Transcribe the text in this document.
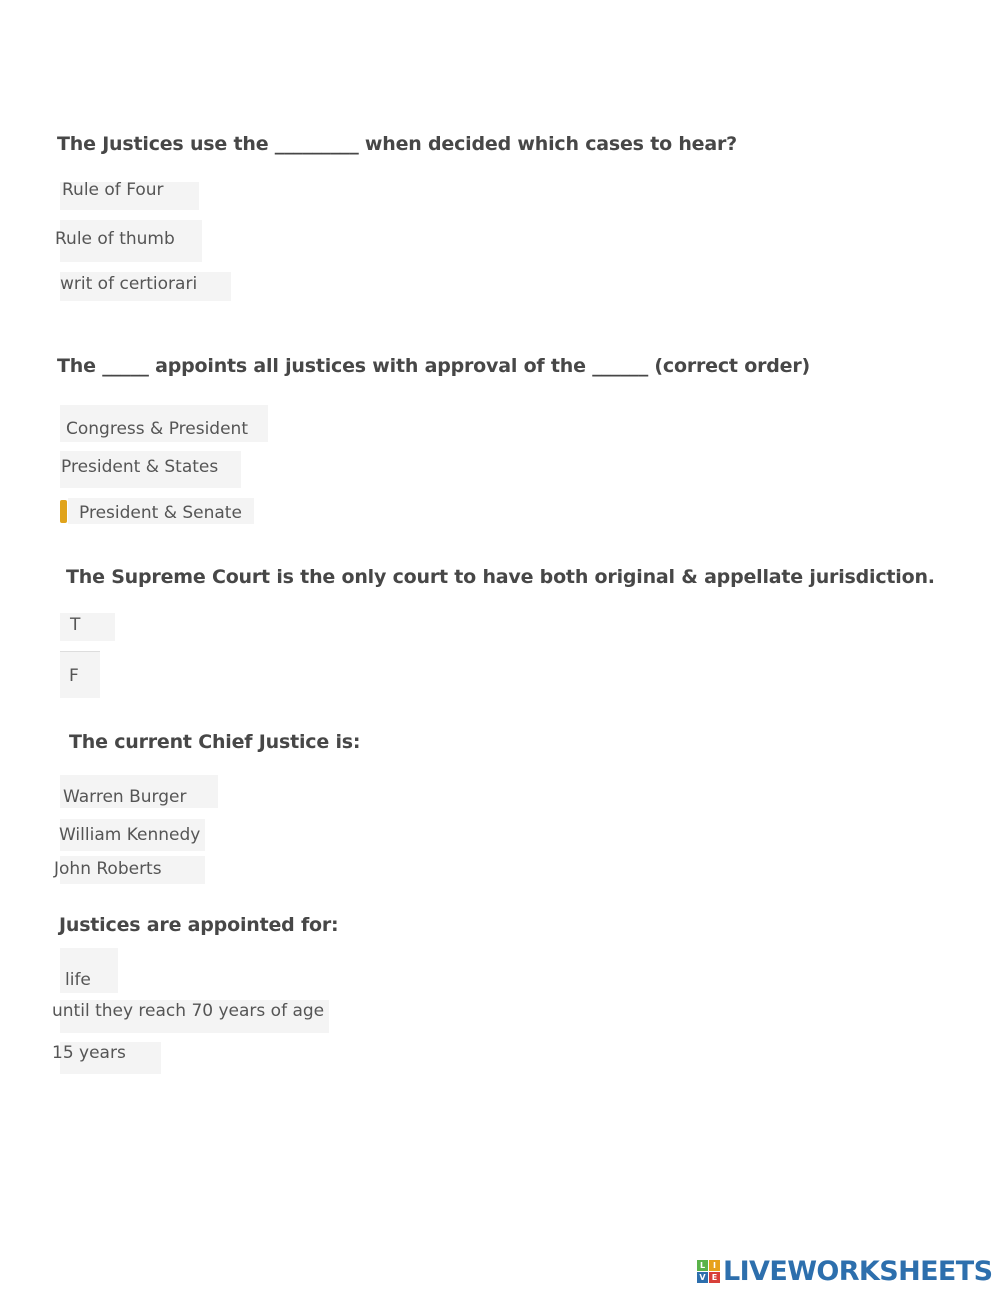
The Justices use the _________ when decided which cases to hear?

Rule of Four
Rule of thumb
writ of certiorari

The _____ appoints all justices with approval of the ______ (correct order)

Congress & President
President & States
President & Senate

The Supreme Court is the only court to have both original & appellate jurisdiction.

T
F

The current Chief Justice is:

Warren Burger
William Kennedy
John Roberts

Justices are appointed for:

life
until they reach 70 years of age
15 years
L I
V E LIVEWORKSHEETS
